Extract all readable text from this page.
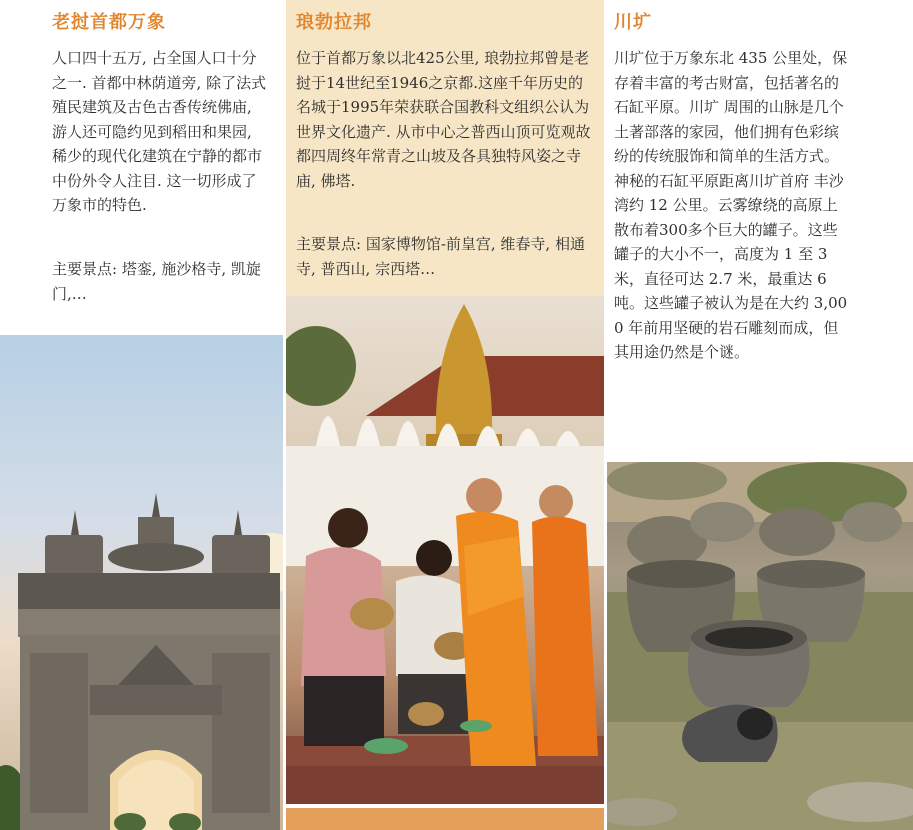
老挝首都万象

人口四十五万, 占全国人口十分之一. 首都中林荫道旁, 除了法式殖民建筑及古色古香传统佛庙, 游人还可隐约见到稻田和果园, 稀少的现代化建筑在宁静的都市中份外令人注目. 这一切形成了万象市的特色.

主要景点: 塔銮, 施沙格寺, 凯旋门,…

琅勃拉邦

位于首都万象以北425公里, 琅勃拉邦曾是老挝于14世纪至1946之京都.这座千年历史的名城于1995年荣获联合国教科文组织公认为世界文化遗产. 从市中心之普西山顶可览观故都四周终年常青之山坡及各具独特风姿之寺庙, 佛塔.

主要景点: 国家博物馆-前皇宫, 维春寺, 相通寺, 普西山, 宗西塔…

川圹

川圹位于万象东北 435 公里处，保存着丰富的考古财富，包括著名的石缸平原。川圹 周围的山脉是几个土著部落的家园，他们拥有色彩缤纷的传统服饰和简单的生活方式。神秘的石缸平原距离川圹首府 丰沙湾约 12 公里。云雾缭绕的高原上散布着300多个巨大的罐子。这些罐子的大小不一，高度为 1 至 3 米，直径可达 2.7 米，最重达 6 吨。这些罐子被认为是在大约 3,000 年前用坚硬的岩石雕刻而成，但其用途仍然是个谜。
